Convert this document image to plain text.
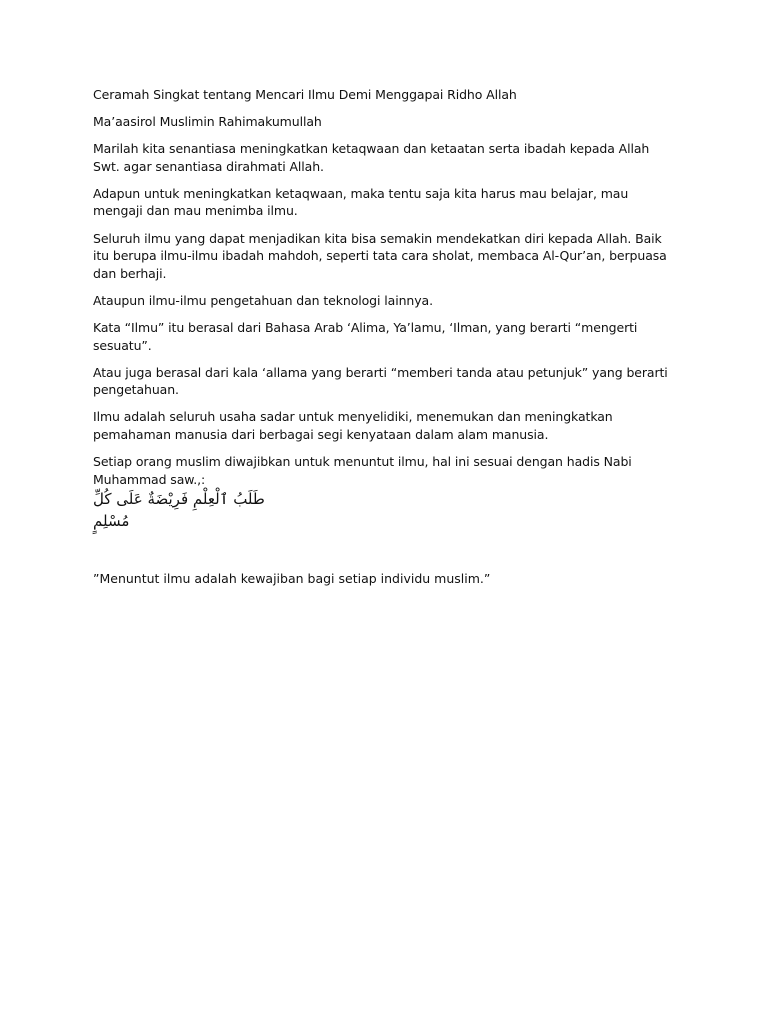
Ceramah Singkat tentang Mencari Ilmu Demi Menggapai Ridho Allah

Ma’aasirol Muslimin Rahimakumullah

Marilah kita senantiasa meningkatkan ketaqwaan dan ketaatan serta ibadah kepada Allah Swt. agar senantiasa dirahmati Allah.

Adapun untuk meningkatkan ketaqwaan, maka tentu saja kita harus mau belajar, mau mengaji dan mau menimba ilmu.

Seluruh ilmu yang dapat menjadikan kita bisa semakin mendekatkan diri kepada Allah. Baik itu berupa ilmu-ilmu ibadah mahdoh, seperti tata cara sholat, membaca Al-Qur’an, berpuasa dan berhaji.

Ataupun ilmu-ilmu pengetahuan dan teknologi lainnya.

Kata “Ilmu” itu berasal dari Bahasa Arab ‘Alima, Ya’lamu, ‘Ilman, yang berarti “mengerti sesuatu”.

Atau juga berasal dari kala ‘allama yang berarti “memberi tanda atau petunjuk” yang berarti pengetahuan.

Ilmu adalah seluruh usaha sadar untuk menyelidiki, menemukan dan meningkatkan pemahaman manusia dari berbagai segi kenyataan dalam alam manusia.

Setiap orang muslim diwajibkan untuk menuntut ilmu, hal ini sesuai dengan hadis Nabi Muhammad saw.,:

طَلَبُ ٱلْعِلْمِ فَرِيْضَةٌ عَلَى كُلِّ مُسْلِمٍ

”Menuntut ilmu adalah kewajiban bagi setiap individu muslim.”
